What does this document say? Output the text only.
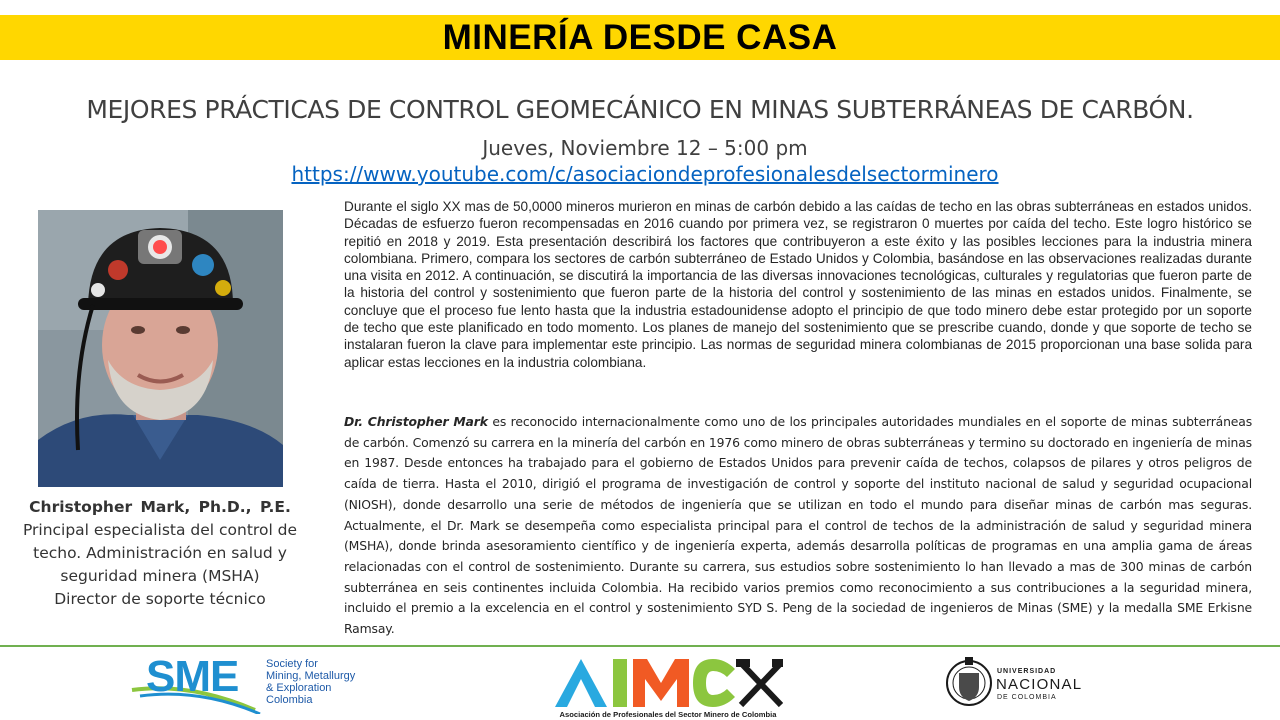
MINERÍA DESDE CASA
MEJORES PRÁCTICAS DE CONTROL GEOMECÁNICO EN MINAS SUBTERRÁNEAS DE CARBÓN.
Jueves, Noviembre 12 – 5:00 pm
https://www.youtube.com/c/asociaciondeprofesionalesdelsectorminero
Christopher Mark, Ph.D., P.E.
Principal especialista del control de
techo. Administración en salud y
seguridad minera (MSHA)
Director de soporte técnico
Durante el siglo XX mas de 50,0000 mineros murieron en minas de carbón debido a las caídas de techo en las obras subterráneas en estados unidos. Décadas de esfuerzo fueron recompensadas en 2016 cuando por primera vez, se registraron 0 muertes por caída del techo. Este logro histórico se repitió en 2018 y 2019. Esta presentación describirá los factores que contribuyeron a este éxito y las posibles lecciones para la industria minera colombiana. Primero, compara los sectores de carbón subterráneo de Estado Unidos y Colombia, basándose en las observaciones realizadas durante una visita en 2012. A continuación, se discutirá la importancia de las diversas innovaciones tecnológicas, culturales y regulatorias que fueron parte de la historia del control y sostenimiento que fueron parte de la historia del control y sostenimiento de las minas en estados unidos. Finalmente, se concluye que el proceso fue lento hasta que la industria estadounidense adopto el principio de que todo minero debe estar protegido por un soporte de techo que este planificado en todo momento. Los planes de manejo del sostenimiento que se prescribe cuando, donde y que soporte de techo se instalaran fueron la clave para implementar este principio. Las normas de seguridad minera colombianas de 2015 proporcionan una base solida para aplicar estas lecciones en la industria colombiana.
Dr. Christopher Mark es reconocido internacionalmente como uno de los principales autoridades mundiales en el soporte de minas subterráneas de carbón. Comenzó su carrera en la minería del carbón en 1976 como minero de obras subterráneas y termino su doctorado en ingeniería de minas en 1987. Desde entonces ha trabajado para el gobierno de Estados Unidos para prevenir caída de techos, colapsos de pilares y otros peligros de caída de tierra. Hasta el 2010, dirigió el programa de investigación de control y soporte del instituto nacional de salud y seguridad ocupacional (NIOSH), donde desarrollo una serie de métodos de ingeniería que se utilizan en todo el mundo para diseñar minas de carbón mas seguras. Actualmente, el Dr. Mark se desempeña como especialista principal para el control de techos de la administración de salud y seguridad minera (MSHA), donde brinda asesoramiento científico y de ingeniería experta, además desarrolla políticas de programas en una amplia gama de áreas relacionadas con el control de sostenimiento. Durante su carrera, sus estudios sobre sostenimiento lo han llevado a mas de 300 minas de carbón subterránea en seis continentes incluida Colombia. Ha recibido varios premios como reconocimiento a sus contribuciones a la seguridad minera, incluido el premio a la excelencia en el control y sostenimiento SYD S. Peng de la sociedad de ingenieros de Minas (SME) y la medalla SME Erkisne Ramsay.
SME	Society for
Mining, Metallurgy
& Exploration
Colombia
Asociación de Profesionales del Sector Minero de Colombia
UNIVERSIDAD
NACIONAL
DE COLOMBIA
